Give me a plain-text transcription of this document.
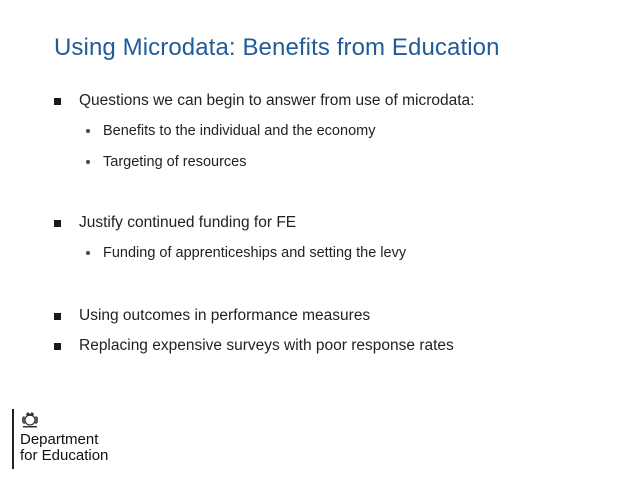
Using Microdata: Benefits from Education
Questions we can begin to answer from use of microdata:
Benefits to the individual and the economy
Targeting of resources
Justify continued funding for FE
Funding of apprenticeships and setting the levy
Using outcomes in performance measures
Replacing expensive surveys with poor response rates
Department
for Education
